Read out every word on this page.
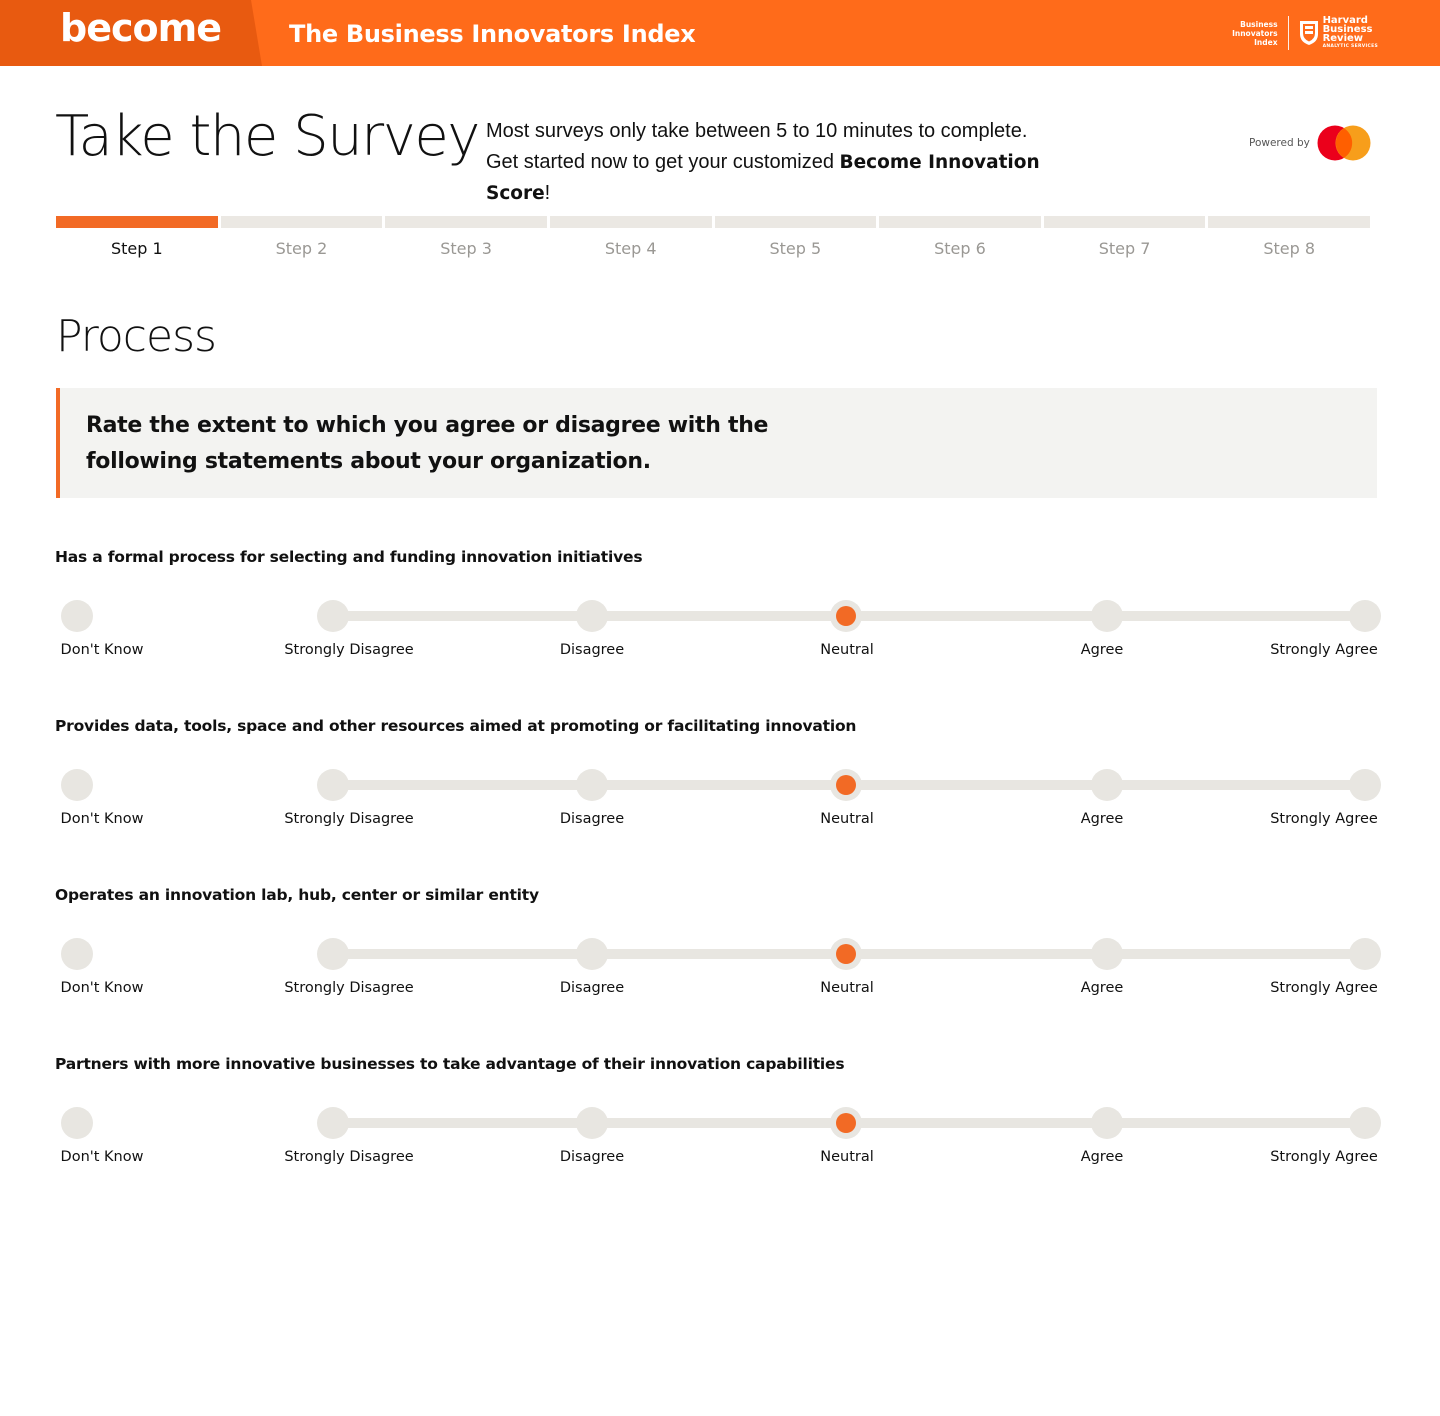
become	The Business Innovators Index	Business
Innovators
Index
Harvard
Business
Review
ANALYTIC SERVICES
Take the Survey Most surveys only take between 5 to 10 minutes to complete.
Get started now to get your customized Become Innovation Score!
Powered by
Step 1	Step 2	Step 3	Step 4	Step 5	Step 6	Step 7	Step 8
Process
Rate the extent to which you agree or disagree with the following statements about your organization.
Has a formal process for selecting and funding innovation initiatives
Don't Know	Strongly Disagree	Disagree	Neutral	Agree	Strongly Agree
Provides data, tools, space and other resources aimed at promoting or facilitating innovation
Don't Know	Strongly Disagree	Disagree	Neutral	Agree	Strongly Agree
Operates an innovation lab, hub, center or similar entity
Don't Know	Strongly Disagree	Disagree	Neutral	Agree	Strongly Agree
Partners with more innovative businesses to take advantage of their innovation capabilities
Don't Know	Strongly Disagree	Disagree	Neutral	Agree	Strongly Agree
